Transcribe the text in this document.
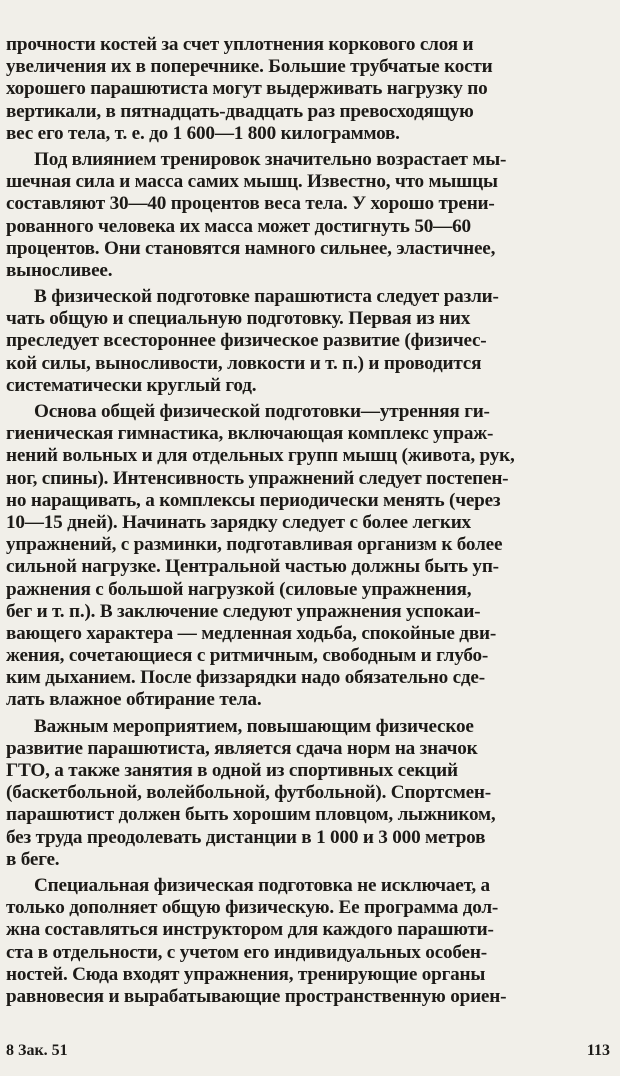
прочности костей за счет уплотнения коркового слоя и
увеличения их в поперечнике. Большие трубчатые кости
хорошего парашютиста могут выдерживать нагрузку по
вертикали, в пятнадцать-двадцать раз превосходящую
вес его тела, т. е. до 1 600—1 800 килограммов.
Под влиянием тренировок значительно возрастает мы-
шечная сила и масса самих мышц. Известно, что мышцы
составляют 30—40 процентов веса тела. У хорошо трени-
рованного человека их масса может достигнуть 50—60
процентов. Они становятся намного сильнее, эластичнее,
выносливее.
В физической подготовке парашютиста следует разли-
чать общую и специальную подготовку. Первая из них
преследует всестороннее физическое развитие (физичес-
кой силы, выносливости, ловкости и т. п.) и проводится
систематически круглый год.
Основа общей физической подготовки—утренняя ги-
гиеническая гимнастика, включающая комплекс упраж-
нений вольных и для отдельных групп мышц (живота, рук,
ног, спины). Интенсивность упражнений следует постепен-
но наращивать, а комплексы периодически менять (через
10—15 дней). Начинать зарядку следует с более легких
упражнений, с разминки, подготавливая организм к более
сильной нагрузке. Центральной частью должны быть уп-
ражнения с большой нагрузкой (силовые упражнения,
бег и т. п.). В заключение следуют упражнения успокаи-
вающего характера — медленная ходьба, спокойные дви-
жения, сочетающиеся с ритмичным, свободным и глубо-
ким дыханием. После физзарядки надо обязательно сде-
лать влажное обтирание тела.
Важным мероприятием, повышающим физическое
развитие парашютиста, является сдача норм на значок
ГТО, а также занятия в одной из спортивных секций
(баскетбольной, волейбольной, футбольной). Спортсмен-
парашютист должен быть хорошим пловцом, лыжником,
без труда преодолевать дистанции в 1 000 и 3 000 метров
в беге.
Специальная физическая подготовка не исключает, а
только дополняет общую физическую. Ее программа дол-
жна составляться инструктором для каждого парашюти-
ста в отдельности, с учетом его индивидуальных особен-
ностей. Сюда входят упражнения, тренирующие органы
равновесия и вырабатывающие пространственную ориен-
8 Зак. 51	113
